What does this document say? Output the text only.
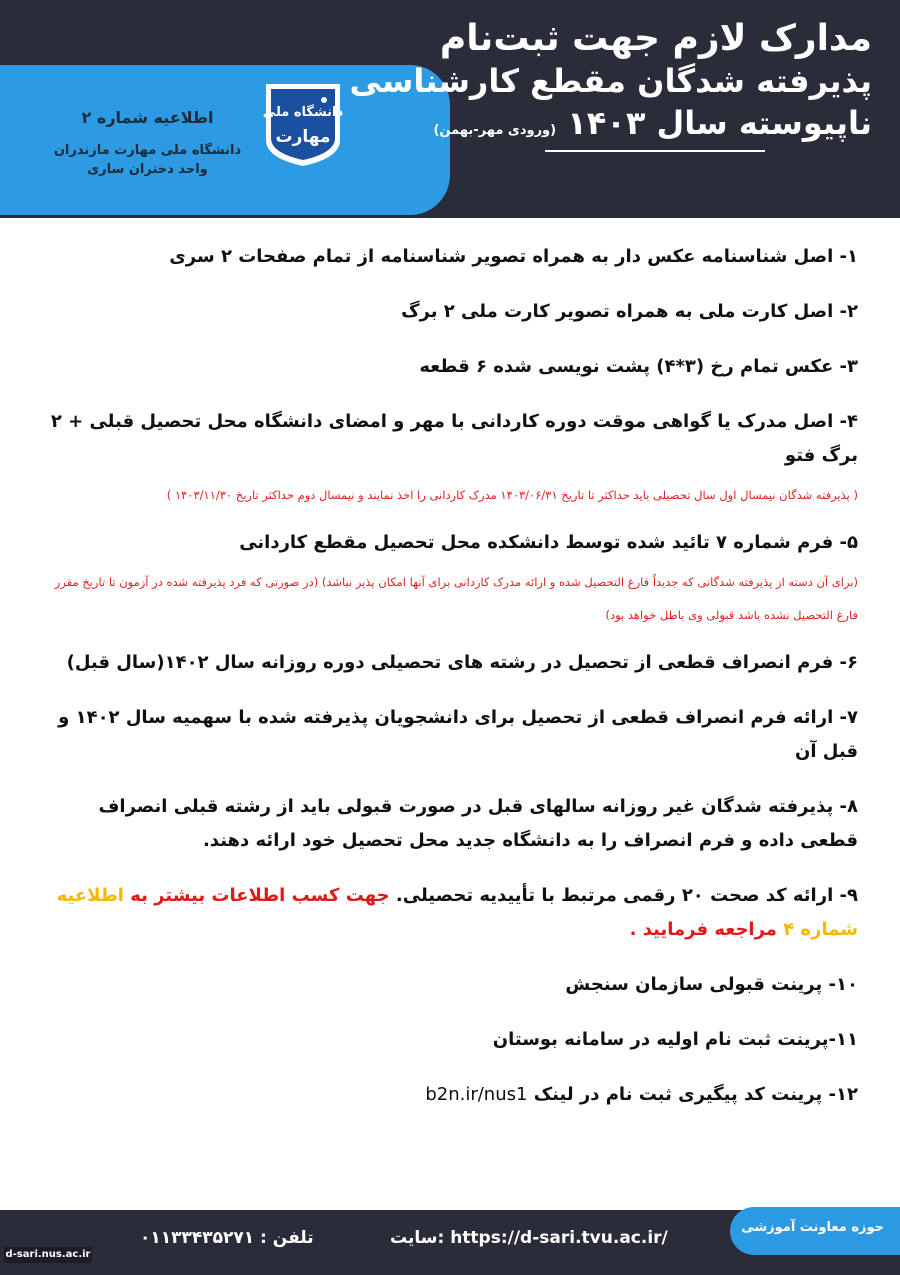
مدارک لازم جهت ثبت‌نام
پذیرفته شدگان مقطع کارشناسی
ناپیوسته سال ۱۴۰۳ (ورودی مهر-بهمن)
اطلاعیه شماره ۲
دانشگاه ملی مهارت مازندران
واحد دختران ساری
دانشگاه ملی
مهارت
۱- اصل شناسنامه عکس دار به همراه تصویر شناسنامه از تمام صفحات ۲ سری
۲- اصل کارت ملی به همراه تصویر کارت ملی ۲ برگ
۳- عکس تمام رخ (۳*۴) پشت نویسی شده ۶ قطعه
۴- اصل مدرک یا گواهی موقت دوره کاردانی با مهر و امضای دانشگاه محل تحصیل قبلی + ۲ برگ فتو
( پذیرفته شدگان نیمسال اول سال تحصیلی باید حداکثر تا تاریخ ۱۴۰۳/۰۶/۳۱ مدرک کاردانی را اخذ نمایند و نیمسال دوم حداکثر تاریخ ۱۴۰۳/۱۱/۳۰ )
۵- فرم شماره ۷ تائید شده توسط دانشکده محل تحصیل مقطع کاردانی
(برای آن دسته از پذیرفته شدگانی که جدیداً فارغ التحصیل شده و ارائه مدرک کاردانی برای آنها امکان پذیر نباشد) (در صورتی که فرد پذیرفته شده در آزمون تا تاریخ مقرر فارغ التحصیل نشده باشد قبولی وی باطل خواهد بود)
۶- فرم انصراف قطعی از تحصیل در رشته های تحصیلی دوره روزانه سال ۱۴۰۲(سال قبل)
۷- ارائه فرم انصراف قطعی از تحصیل برای دانشجویان پذیرفته شده با سهمیه سال ۱۴۰۲ و قبل آن
۸- پذیرفته شدگان غیر روزانه سالهای قبل در صورت قبولی باید از رشته قبلی انصراف قطعی داده و فرم انصراف را به دانشگاه جدید محل تحصیل خود ارائه دهند.
۹- ارائه کد صحت ۲۰ رقمی مرتبط با تأییدیه تحصیلی. جهت کسب اطلاعات بیشتر به اطلاعیه شماره ۴ مراجعه فرمایید .
۱۰- پرینت قبولی سازمان سنجش
۱۱-پرینت ثبت نام اولیه در سامانه بوستان
۱۲- پرینت کد پیگیری ثبت نام در لینک b2n.ir/nus1
حوزه معاونت آموزشی
سایت: https://d-sari.tvu.ac.ir/
تلفن : ۰۱۱۳۳۴۳۵۲۷۱
d-sari.nus.ac.ir
